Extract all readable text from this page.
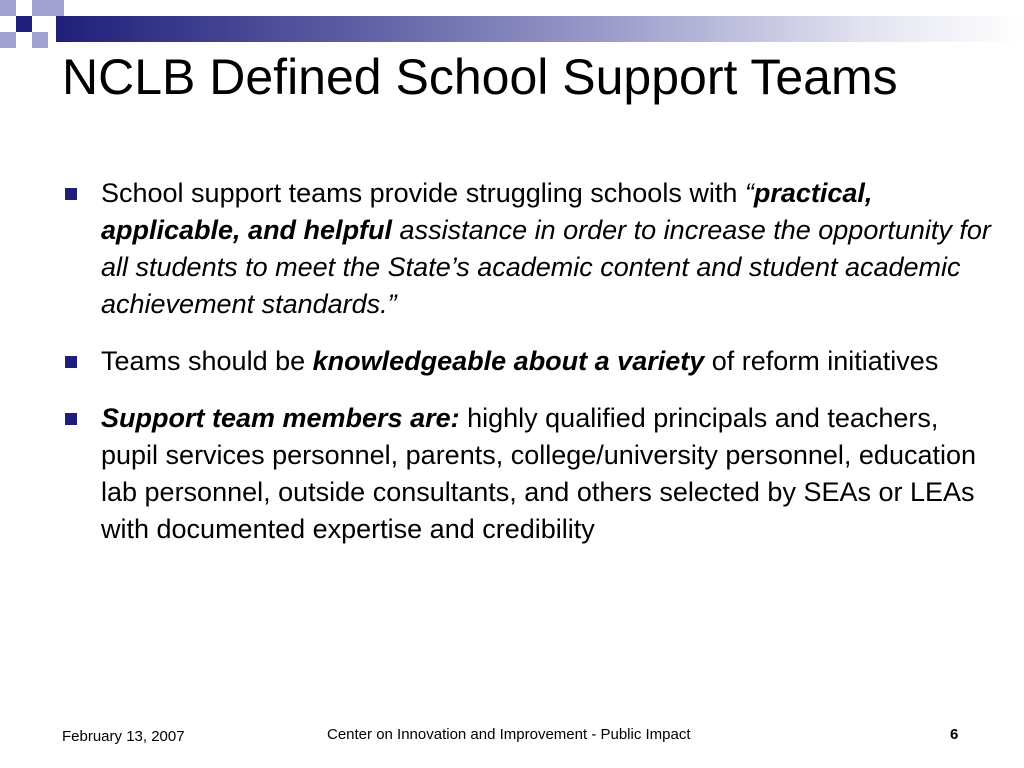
NCLB Defined School Support Teams
School support teams provide struggling schools with “practical, applicable, and helpful assistance in order to increase the opportunity for all students to meet the State’s academic content and student academic achievement standards.”
Teams should be knowledgeable about a variety of reform initiatives
Support team members are: highly qualified principals and teachers, pupil services personnel, parents, college/university personnel, education lab personnel, outside consultants, and others selected by SEAs or LEAs with documented expertise and credibility
February 13, 2007	Center on Innovation and Improvement - Public Impact	6
